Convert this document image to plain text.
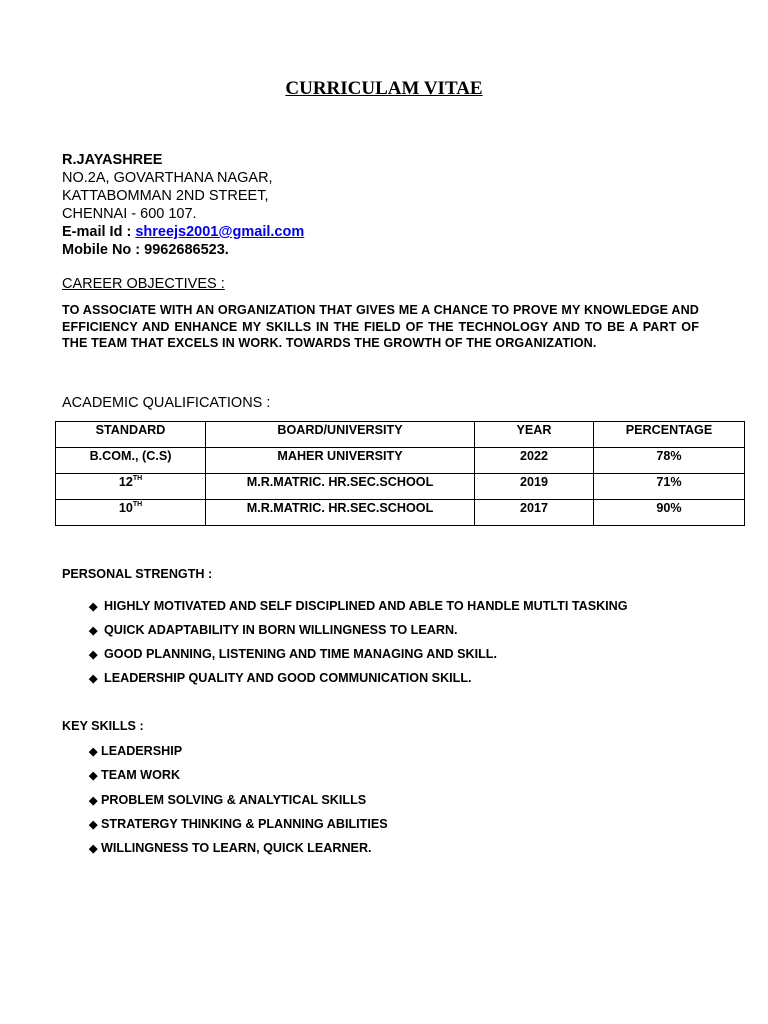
CURRICULAM VITAE
R.JAYASHREE
NO.2A, GOVARTHANA NAGAR,
KATTABOMMAN 2ND STREET,
CHENNAI - 600 107.
E-mail Id : shreejs2001@gmail.com
Mobile No : 9962686523.
CAREER OBJECTIVES :
TO ASSOCIATE WITH AN ORGANIZATION THAT GIVES ME A CHANCE TO PROVE MY KNOWLEDGE AND EFFICIENCY AND ENHANCE MY SKILLS IN THE FIELD OF THE TECHNOLOGY AND TO BE A PART OF THE TEAM THAT EXCELS IN WORK. TOWARDS THE GROWTH OF THE ORGANIZATION.
ACADEMIC QUALIFICATIONS :
STANDARD	BOARD/UNIVERSITY	YEAR	PERCENTAGE
B.COM., (C.S)	MAHER UNIVERSITY	2022	78%
12TH	M.R.MATRIC. HR.SEC.SCHOOL	2019	71%
10TH	M.R.MATRIC. HR.SEC.SCHOOL	2017	90%
PERSONAL STRENGTH :
◆ HIGHLY MOTIVATED AND SELF DISCIPLINED AND ABLE TO HANDLE MUTLTI TASKING
◆ QUICK ADAPTABILITY IN BORN WILLINGNESS TO LEARN.
◆ GOOD PLANNING, LISTENING AND TIME MANAGING AND SKILL.
◆ LEADERSHIP QUALITY AND GOOD COMMUNICATION SKILL.
KEY SKILLS :
◆ LEADERSHIP
◆ TEAM WORK
◆ PROBLEM SOLVING & ANALYTICAL SKILLS
◆ STRATERGY THINKING & PLANNING ABILITIES
◆ WILLINGNESS TO LEARN, QUICK LEARNER.
